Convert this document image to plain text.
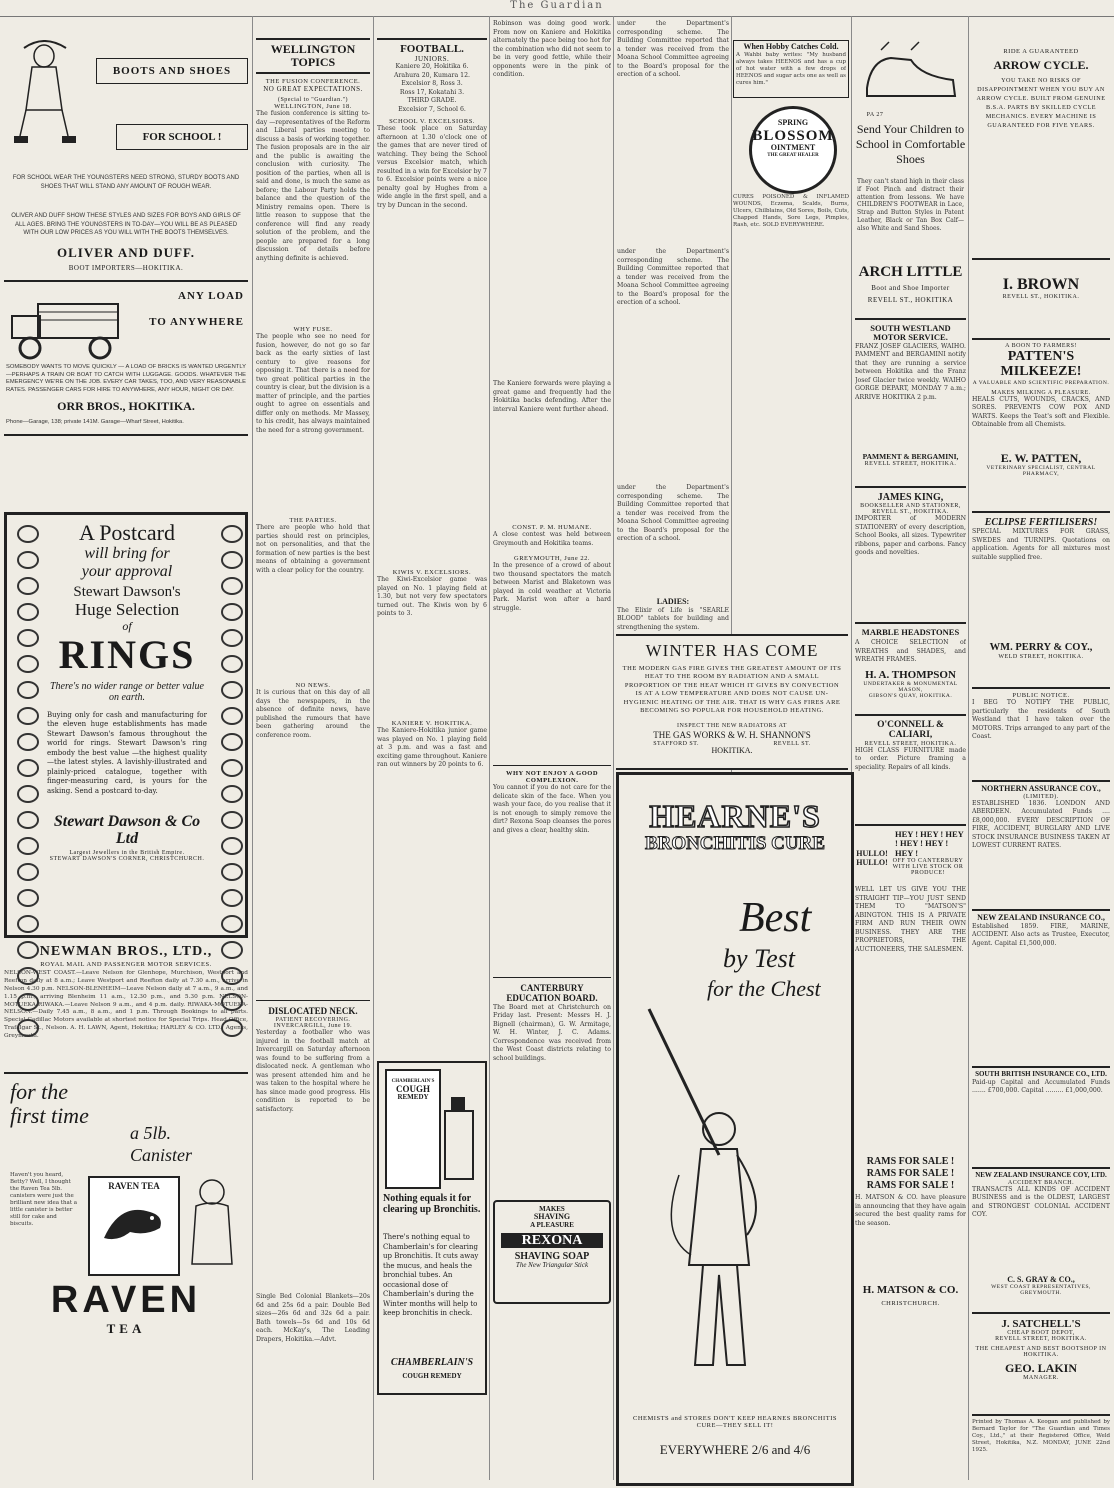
The Guardian
BOOTS AND SHOES
FOR SCHOOL !
FOR SCHOOL WEAR THE YOUNGSTERS NEED STRONG, STURDY BOOTS AND SHOES THAT WILL STAND ANY AMOUNT OF ROUGH WEAR.
OLIVER AND DUFF SHOW THESE STYLES AND SIZES FOR BOYS AND GIRLS OF ALL AGES. BRING THE YOUNGSTERS IN TO-DAY—YOU WILL BE AS PLEASED WITH OUR LOW PRICES AS YOU WILL WITH THE BOOTS THEMSELVES.
OLIVER AND DUFF.
BOOT IMPORTERS—HOKITIKA.
ANY LOAD
TO ANYWHERE
SOMEBODY WANTS TO MOVE QUICKLY — A LOAD OF BRICKS IS WANTED URGENTLY—PERHAPS A TRAIN OR BOAT TO CATCH WITH LUGGAGE. GOODS. WHATEVER THE EMERGENCY WE'RE ON THE JOB. EVERY CAR TAKES, TOO, AND VERY REASONABLE RATES. PASSENGER CARS FOR HIRE TO ANYWHERE, ANY HOUR, NIGHT OR DAY.
ORR BROS., HOKITIKA.
Phone—Garage, 138; private 141M. Garage—Wharf Street, Hokitika.
A Postcard
will bring for
your approval
Stewart Dawson's
Huge Selection
of
RINGS
There's no wider range or better value on earth.
Buying only for cash and manufacturing for the eleven huge establishments has made Stewart Dawson's famous throughout the world for rings. Stewart Dawson's ring embody the best value —the highest quality—the latest styles. A lavishly-illustrated and plainly-priced catalogue, together with finger-measuring card, is yours for the asking. Send a postcard to-day.
Stewart Dawson & Co Ltd
Largest Jewellers in the British Empire.
STEWART DAWSON'S CORNER, CHRISTCHURCH.
NEWMAN BROS., LTD.,
ROYAL MAIL AND PASSENGER MOTOR SERVICES.
NELSON-WEST COAST.—Leave Nelson for Glenhope, Murchison, Westport and Reefton daily at 8 a.m.; Leave Westport and Reefton daily at 7.30 a.m., arrive in Nelson 4.30 p.m. NELSON-BLENHEIM—Leave Nelson daily at 7 a.m., 9 a.m., and 1.15 p.m.; arriving Blenheim 11 a.m., 12.30 p.m., and 5.30 p.m. NELSON-MOTUEKA-RIWAKA.—Leave Nelson 9 a.m., and 4 p.m. daily. RIWAKA-MOTUEKA-NELSON.—Daily 7.45 a.m., 8 a.m., and 1 p.m. Through Bookings to all parts. Special Cadillac Motors available at shortest notice for Special Trips. Head Office, Trafalgar St., Nelson. A. H. LAWN, Agent, Hokitika; HARLEY & CO. LTD., Agents, Greymouth.
for the
first time
a 5lb.
Canister
Haven't you heard, Betty? Well, I thought the Raven Tea 5lb. canisters were just the brilliant new idea that a little canister is better still for cake and biscuits.
RAVEN TEA
RAVEN
TEA
WELLINGTON TOPICS
THE FUSION CONFERENCE.
NO GREAT EXPECTATIONS.
(Special to "Guardian.")
WELLINGTON, June 18.
The fusion conference is sitting to-day —representatives of the Reform and Liberal parties meeting to discuss a basis of working together. The fusion proposals are in the air and the public is awaiting the conclusion with curiosity. The position of the parties, when all is said and done, is much the same as before; the Labour Party holds the balance and the question of the Ministry remains open. There is little reason to suppose that the conference will find any ready solution of the problem, and the people are prepared for a long discussion of details before anything definite is achieved.
WHY FUSE.
The people who see no need for fusion, however, do not go so far back as the early sixties of last century to give reasons for opposing it. That there is a need for two great political parties in the country is clear, but the division is a matter of principle, and the parties ought to agree on essentials and differ only on methods. Mr Massey, to his credit, has always maintained the need for a strong government.
THE PARTIES.
There are people who hold that parties should rest on principles, not on personalities, and that the formation of new parties is the best means of obtaining a government with a clear policy for the country.
NO NEWS.
It is curious that on this day of all days the newspapers, in the absence of definite news, have published the rumours that have been gathering around the conference room.
DISLOCATED NECK.
PATIENT RECOVERING.
INVERCARGILL, June 19.
Yesterday a footballer who was injured in the football match at Invercargill on Saturday afternoon was found to be suffering from a dislocated neck. A gentleman who was present attended him and he was taken to the hospital where he has since made good progress. His condition is reported to be satisfactory.
Single Bed Colonial Blankets—20s 6d and 25s 6d a pair. Double Bed sizes—26s 6d and 32s 6d a pair. Bath towels—5s 6d and 10s 6d each. McKay's, The Leading Drapers, Hokitika.—Advt.
FOOTBALL.
JUNIORS.
Kaniere 20, Hokitika 6.
Arahura 20, Kumara 12.
Excelsior 8, Ross 3.
Ross 17, Kokatahi 3.
THIRD GRADE.
Excelsior 7, School 6.
SCHOOL V. EXCELSIORS.
These took place on Saturday afternoon at 1.30 o'clock one of the games that are never tired of watching. They being the School versus Excelsior match, which resulted in a win for Excelsior by 7 to 6. Excelsior points were a nice penalty goal by Hughes from a wide angle in the first spell, and a try by Duncan in the second.
KIWIS V. EXCELSIORS.
The Kiwi-Excelsior game was played on No. 1 playing field at 1.30, but not very few spectators turned out. The Kiwis won by 6 points to 3.
KANIERE V. HOKITIKA.
The Kaniere-Hokitika junior game was played on No. 1 playing field at 3 p.m. and was a fast and exciting game throughout. Kaniere ran out winners by 20 points to 6.
CHAMBERLAIN'S
COUGH
REMEDY
Nothing equals it for clearing up Bronchitis.
There's nothing equal to Chamberlain's for clearing up Bronchitis. It cuts away the mucus, and heals the bronchial tubes. An occasional dose of Chamberlain's during the Winter months will help to keep bronchitis in check.
CHAMBERLAIN'S
COUGH REMEDY
Robinson was doing good work. From now on Kaniere and Hokitika alternately the pace being too hot for the combination who did not seem to be in very good fettle, while their opponents were in the pink of condition.
The Kaniere forwards were playing a great game and frequently had the Hokitika backs defending. After the interval Kaniere went further ahead.
CONST. P. M. HUMANE.
A close contest was held between Greymouth and Hokitika teams.
GREYMOUTH, June 22.
In the presence of a crowd of about two thousand spectators the match between Marist and Blaketown was played in cold weather at Victoria Park. Marist won after a hard struggle.
WHY NOT ENJOY A GOOD COMPLEXION.
You cannot if you do not care for the delicate skin of the face. When you wash your face, do you realise that it is not enough to simply remove the dirt? Rexona Soap cleanses the pores and gives a clear, healthy skin.
CANTERBURY EDUCATION BOARD.
The Board met at Christchurch on Friday last. Present: Messrs H. J. Bignell (chairman), G. W. Armitage, W. H. Winter, J. C. Adams. Correspondence was received from the West Coast districts relating to school buildings.
MAKES
SHAVING
A PLEASURE
REXONA
SHAVING SOAP
The New Triangular Stick
under the Department's corresponding scheme. The Building Committee reported that a tender was received from the Moana School Committee agreeing to the Board's proposal for the erection of a school.
under the Department's corresponding scheme. The Building Committee reported that a tender was received from the Moana School Committee agreeing to the Board's proposal for the erection of a school.
under the Department's corresponding scheme. The Building Committee reported that a tender was received from the Moana School Committee agreeing to the Board's proposal for the erection of a school.
LADIES:
The Elixir of Life is "SEARLE BLOOD" tablets for building and strengthening the system.
When Hobby Catches Cold.
A Wahbi baby writes: "My husband always takes HEENOS and has a cup of hot water with a few drops of HEENOS and sugar acts one as well as cures him."
SPRING
BLOSSOM
OINTMENT
THE GREAT HEALER
CURES POISONED & INFLAMED WOUNDS, Eczema, Scalds, Burns, Ulcers, Chilblains, Old Sores, Boils, Cuts, Chapped Hands, Sore Legs, Pimples, Rash, etc. SOLD EVERYWHERE.
WINTER HAS COME
THE MODERN GAS FIRE GIVES THE GREATEST AMOUNT OF ITS HEAT TO THE ROOM BY RADIATION AND A SMALL PROPORTION OF THE HEAT WHICH IT GIVES BY CONVECTION IS AT A LOW TEMPERATURE AND DOES NOT CAUSE UN-HYGIENIC HEATING OF THE AIR. THAT IS WHY GAS FIRES ARE BECOMING SO POPULAR FOR HOUSEHOLD HEATING.
INSPECT THE NEW RADIATORS AT
THE GAS WORKS & W. H. SHANNON'S
STAFFORD ST.	REVELL ST.
HOKITIKA.
HEARNE'S
BRONCHITIS CURE
Best
by Test
for the Chest
CHEMISTS and STORES DON'T KEEP HEARNES BRONCHITIS CURE—THEY SELL IT!
EVERYWHERE 2/6 and 4/6
PA 27
Send Your Children to School in Comfortable Shoes
They can't stand high in their class if Foot Pinch and distract their attention from lessons. We have CHILDREN'S FOOTWEAR in Lace, Strap and Button Styles in Patent Leather, Black or Tan Box Calf—also White and Sand Shoes.
ARCH LITTLE
Boot and Shoe Importer
REVELL ST., HOKITIKA
SOUTH WESTLAND MOTOR SERVICE.
FRANZ JOSEF GLACIERS, WAIHO. PAMMENT and BERGAMINI notify that they are running a service between Hokitika and the Franz Josef Glacier twice weekly. WAIHO GORGE DEPART, MONDAY 7 a.m.; ARRIVE HOKITIKA 2 p.m.
PAMMENT & BERGAMINI,
REVELL STREET, HOKITIKA.
JAMES KING,
BOOKSELLER AND STATIONER,
REVELL ST., HOKITIKA.
IMPORTER of MODERN STATIONERY of every description, School Books, all sizes. Typewriter ribbons, paper and carbons. Fancy goods and novelties.
MARBLE HEADSTONES
A CHOICE SELECTION of WREATHS and SHADES, and WREATH FRAMES.
H. A. THOMPSON
UNDERTAKER & MONUMENTAL MASON,
GIBSON'S QUAY, HOKITIKA.
O'CONNELL & CALIARI,
REVELL STREET, HOKITIKA.
HIGH CLASS FURNITURE made to order. Picture framing a speciality. Repairs of all kinds.
HEY ! HEY ! HEY ! HEY ! HEY ! HEY !
HULLO! HULLO! OFF TO CANTERBURY WITH LIVE STOCK OR PRODUCE!
WELL LET US GIVE YOU THE STRAIGHT TIP—YOU JUST SEND THEM TO "MATSON'S" ABINGTON. THIS IS A PRIVATE FIRM AND RUN THEIR OWN BUSINESS. THEY ARE THE PROPRIETORS, THE AUCTIONEERS, THE SALESMEN.
RAMS FOR SALE ! RAMS FOR SALE ! RAMS FOR SALE !
H. MATSON & CO. have pleasure in announcing that they have again secured the best quality rams for the season.
H. MATSON & CO.
CHRISTCHURCH.
RIDE A GUARANTEED
ARROW CYCLE.
YOU TAKE NO RISKS OF DISAPPOINTMENT WHEN YOU BUY AN ARROW CYCLE. BUILT FROM GENUINE B.S.A. PARTS BY SKILLED CYCLE MECHANICS. EVERY MACHINE IS GUARANTEED FOR FIVE YEARS.
I. BROWN
REVELL ST., HOKITIKA.
A BOON TO FARMERS!
PATTEN'S
MILKEEZE!
A VALUABLE AND SCIENTIFIC PREPARATION.
MAKES MILKING A PLEASURE.
HEALS CUTS, WOUNDS, CRACKS, AND SORES. PREVENTS COW POX AND WARTS. Keeps the Teat's soft and Flexible. Obtainable from all Chemists.
E. W. PATTEN,
VETERINARY SPECIALIST, CENTRAL PHARMACY,
ECLIPSE FERTILISERS!
SPECIAL MIXTURES FOR GRASS, SWEDES and TURNIPS. Quotations on application. Agents for all mixtures most suitable supplied free.
WM. PERRY & COY.,
WELD STREET, HOKITIKA.
PUBLIC NOTICE.
I BEG TO NOTIFY THE PUBLIC, particularly the residents of South Westland that I have taken over the MOTORS. Trips arranged to any part of the Coast.
NORTHERN ASSURANCE COY.,
(LIMITED).
ESTABLISHED 1836. LONDON AND ABERDEEN. Accumulated Funds .... £8,000,000. EVERY DESCRIPTION OF FIRE, ACCIDENT, BURGLARY AND LIVE STOCK INSURANCE BUSINESS TAKEN AT LOWEST CURRENT RATES.
NEW ZEALAND INSURANCE CO.,
Established 1859. FIRE, MARINE, ACCIDENT. Also acts as Trustee, Executor, Agent. Capital £1,500,000.
SOUTH BRITISH INSURANCE CO., LTD.
Paid-up Capital and Accumulated Funds ....... £700,000. Capital ......... £1,000,000.
NEW ZEALAND INSURANCE COY, LTD.
ACCIDENT BRANCH.
TRANSACTS ALL KINDS OF ACCIDENT BUSINESS and is the OLDEST, LARGEST and STRONGEST COLONIAL ACCIDENT COY.
C. S. GRAY & CO.,
WEST COAST REPRESENTATIVES, GREYMOUTH.
J. SATCHELL'S
CHEAP BOOT DEPOT,
REVELL STREET, HOKITIKA.
THE CHEAPEST AND BEST BOOTSHOP IN HOKITIKA.
GEO. LAKIN
MANAGER.
Printed by Thomas A. Keogan and published by Bernard Taylor for "The Guardian and Times Coy., Ltd.," at their Registered Office, Weld Street, Hokitika, N.Z. MONDAY, JUNE 22nd 1925.
